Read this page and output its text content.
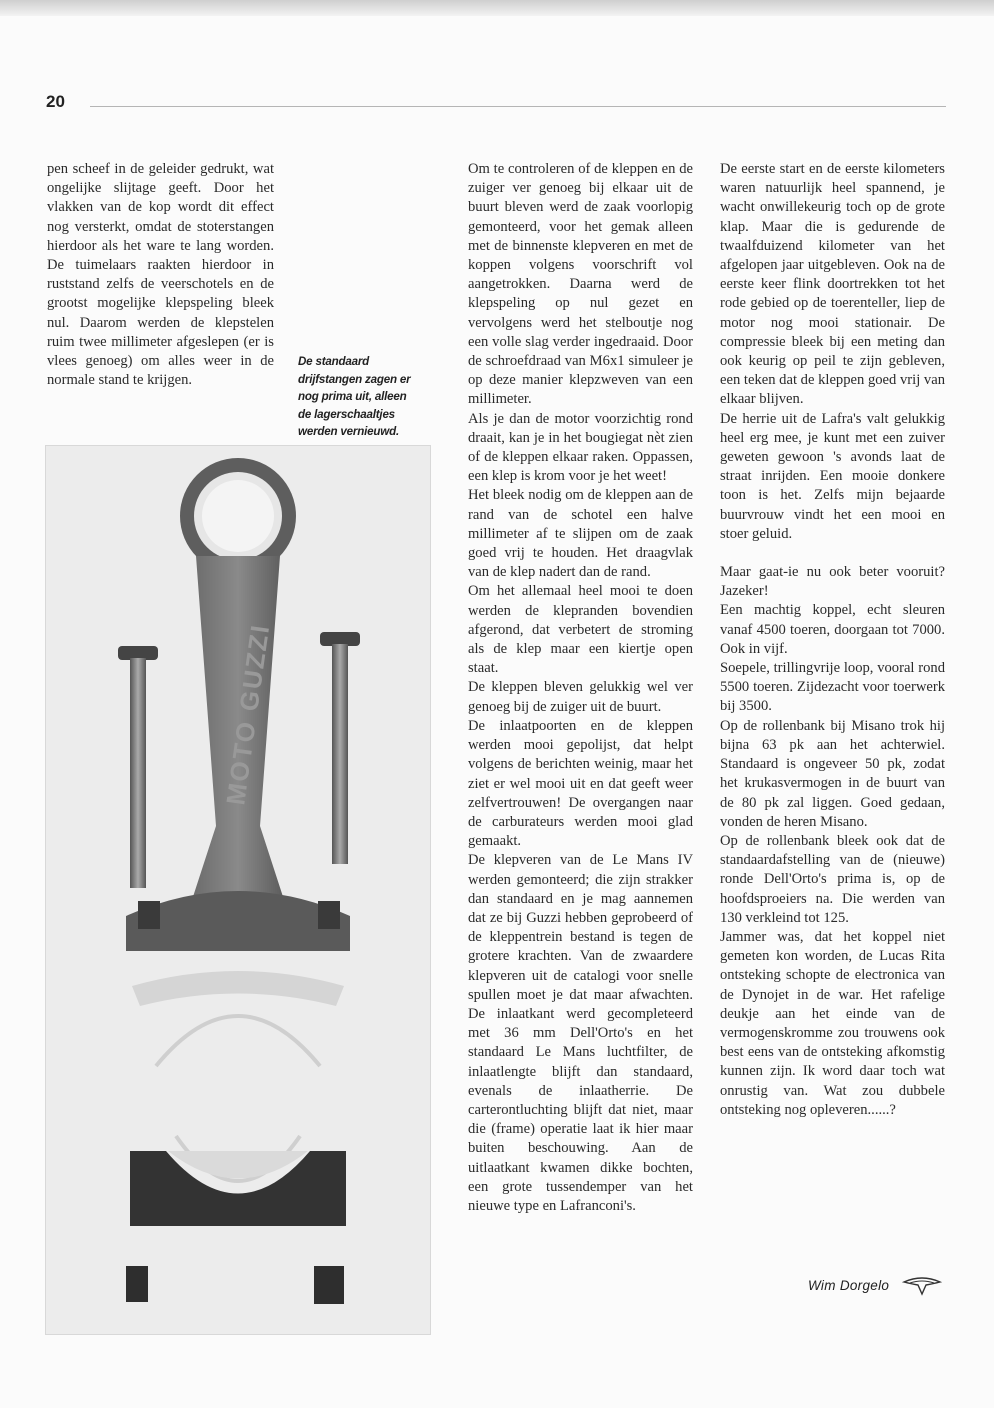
20

pen scheef in de geleider gedrukt, wat ongelijke slijtage geeft. Door het vlakken van de kop wordt dit effect nog versterkt, omdat de stoterstangen hierdoor als het ware te lang worden. De tuimelaars raakten hierdoor in ruststand zelfs de veerschotels en de grootst mogelijke klepspeling bleek nul. Daarom werden de klepstelen ruim twee millimeter afgeslepen (er is vlees genoeg) om alles weer in de normale stand te krijgen.

De standaard drijfstangen zagen er nog prima uit, alleen de lagerschaaltjes werden vernieuwd.
MOTO GUZZI

Om te controleren of de kleppen en de zuiger ver genoeg bij elkaar uit de buurt bleven werd de zaak voorlopig gemonteerd, voor het gemak alleen met de binnenste klepveren en met de koppen volgens voorschrift vol aangetrokken. Daarna werd de klepspeling op nul gezet en vervolgens werd het stelboutje nog een volle slag verder ingedraaid. Door de schroefdraad van M6x1 simuleer je op deze manier klepzweven van een millimeter.

Als je dan de motor voorzichtig rond draait, kan je in het bougiegat nèt zien of de kleppen elkaar raken. Oppassen, een klep is krom voor je het weet!

Het bleek nodig om de kleppen aan de rand van de schotel een halve millimeter af te slijpen om de zaak goed vrij te houden. Het draagvlak van de klep nadert dan de rand.

Om het allemaal heel mooi te doen werden de klepranden bovendien afgerond, dat verbetert de stroming als de klep maar een kiertje open staat.

De kleppen bleven gelukkig wel ver genoeg bij de zuiger uit de buurt.

De inlaatpoorten en de kleppen werden mooi gepolijst, dat helpt volgens de berichten weinig, maar het ziet er wel mooi uit en dat geeft weer zelfvertrouwen! De overgangen naar de carburateurs werden mooi glad gemaakt.

De klepveren van de Le Mans IV werden gemonteerd; die zijn strakker dan standaard en je mag aannemen dat ze bij Guzzi hebben geprobeerd of de kleppentrein bestand is tegen de grotere krachten. Van de zwaardere klepveren uit de catalogi voor snelle spullen moet je dat maar afwachten. De inlaatkant werd gecompleteerd met 36 mm Dell'Orto's en het standaard Le Mans luchtfilter, de inlaatlengte blijft dan standaard, evenals de inlaatherrie. De carterontluchting blijft dat niet, maar die (frame) operatie laat ik hier maar buiten beschouwing. Aan de uitlaatkant kwamen dikke bochten, een grote tussendemper van het nieuwe type en Lafranconi's.

De eerste start en de eerste kilometers waren natuurlijk heel spannend, je wacht onwillekeurig toch op de grote klap. Maar die is gedurende de twaalfduizend kilometer van het afgelopen jaar uitgebleven. Ook na de eerste keer flink doortrekken tot het rode gebied op de toerenteller, liep de motor nog mooi stationair. De compressie bleek bij een meting dan ook keurig op peil te zijn gebleven, een teken dat de kleppen goed vrij van elkaar blijven.

De herrie uit de Lafra's valt gelukkig heel erg mee, je kunt met een zuiver geweten gewoon 's avonds laat de straat inrijden. Een mooie donkere toon is het. Zelfs mijn bejaarde buurvrouw vindt het een mooi en stoer geluid.

Maar gaat-ie nu ook beter vooruit? Jazeker!

Een machtig koppel, echt sleuren vanaf 4500 toeren, doorgaan tot 7000. Ook in vijf.

Soepele, trillingvrije loop, vooral rond 5500 toeren. Zijdezacht voor toerwerk bij 3500.

Op de rollenbank bij Misano trok hij bijna 63 pk aan het achterwiel. Standaard is ongeveer 50 pk, zodat het krukasvermogen in de buurt van de 80 pk zal liggen. Goed gedaan, vonden de heren Misano.

Op de rollenbank bleek ook dat de standaardafstelling van de (nieuwe) ronde Dell'Orto's prima is, op de hoofdsproeiers na. Die werden van 130 verkleind tot 125.

Jammer was, dat het koppel niet gemeten kon worden, de Lucas Rita ontsteking schopte de electronica van de Dynojet in de war. Het rafelige deukje aan het einde van de vermogenskromme zou trouwens ook best eens van de ontsteking afkomstig kunnen zijn. Ik word daar toch wat onrustig van. Wat zou dubbele ontsteking nog opleveren......?

Wim Dorgelo
